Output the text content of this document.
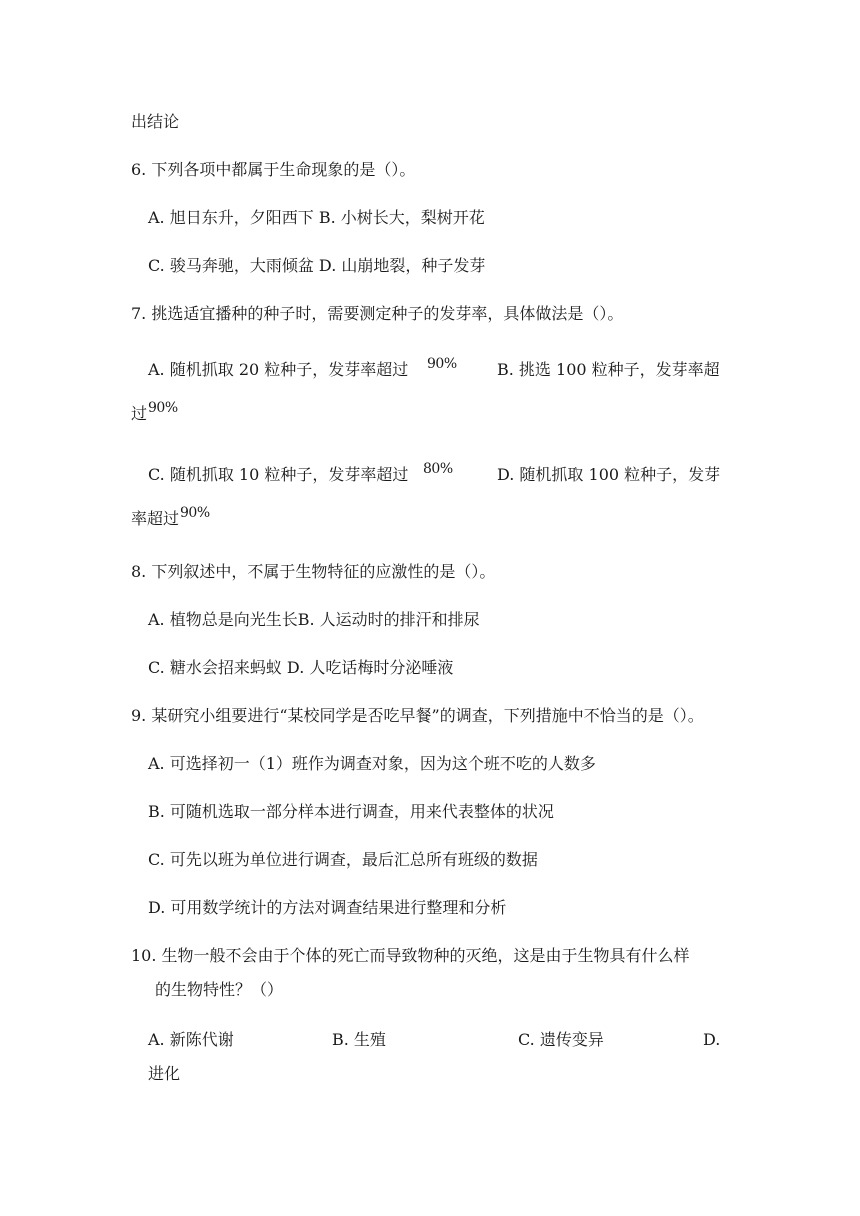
出结论
6. 下列各项中都属于生命现象的是（）。
A. 旭日东升，夕阳西下 B. 小树长大，梨树开花
C. 骏马奔驰，大雨倾盆 D. 山崩地裂，种子发芽
7. 挑选适宜播种的种子时，需要测定种子的发芽率，具体做法是（）。
A. 随机抓取 20 粒种子，发芽率超过 90%	B. 挑选 100 粒种子，发芽率超
过 90%
C. 随机抓取 10 粒种子，发芽率超过 80%	D. 随机抓取 100 粒种子，发芽
率超过 90%
8. 下列叙述中，不属于生物特征的应激性的是（）。
A. 植物总是向光生长B. 人运动时的排汗和排尿
C. 糖水会招来蚂蚁 D. 人吃话梅时分泌唾液
9. 某研究小组要进行“某校同学是否吃早餐”的调查，下列措施中不恰当的是（）。
A. 可选择初一（1）班作为调查对象，因为这个班不吃的人数多
B. 可随机选取一部分样本进行调查，用来代表整体的状况
C. 可先以班为单位进行调查，最后汇总所有班级的数据
D. 可用数学统计的方法对调查结果进行整理和分析
10. 生物一般不会由于个体的死亡而导致物种的灭绝，这是由于生物具有什么样
的生物特性？（）
A. 新陈代谢	B. 生殖	C. 遗传变异	D.
进化
